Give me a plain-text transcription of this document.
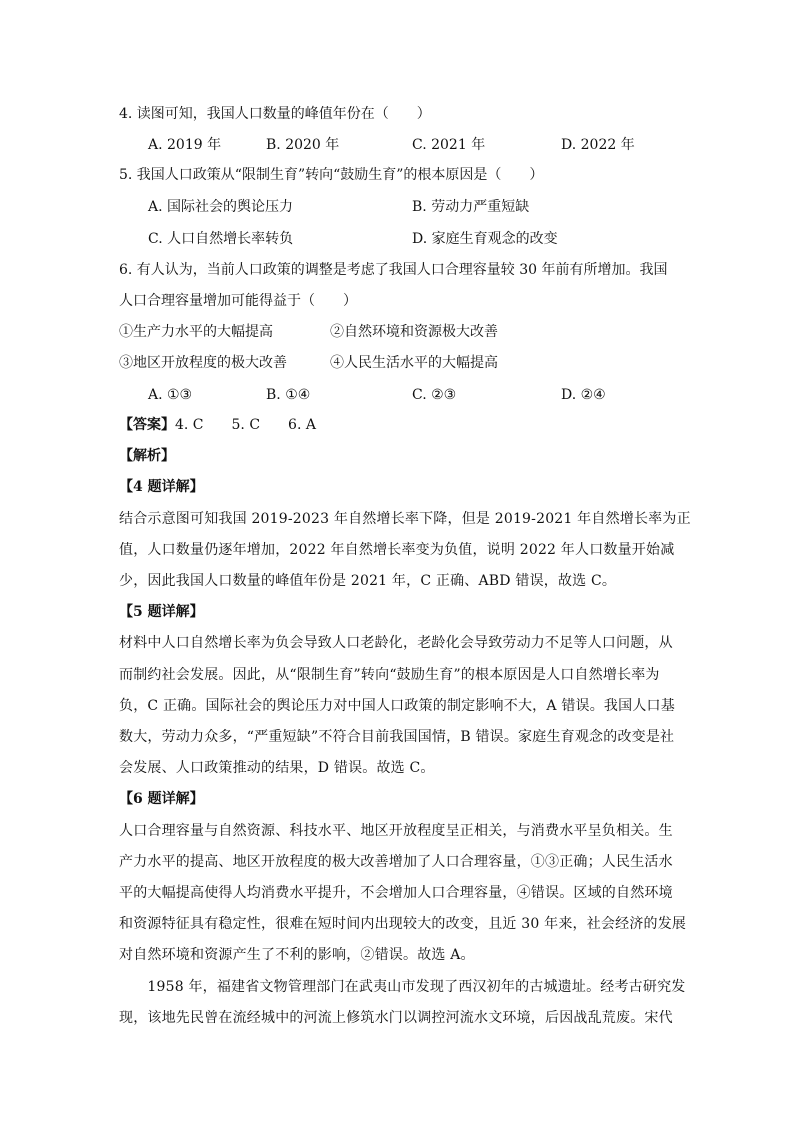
4. 读图可知，我国人口数量的峰值年份在（　　）
A. 2019 年	B. 2020 年	C. 2021 年	D. 2022 年
5. 我国人口政策从“限制生育”转向“鼓励生育”的根本原因是（　　）
A. 国际社会的舆论压力	B. 劳动力严重短缺
C. 人口自然增长率转负	D. 家庭生育观念的改变
6. 有人认为，当前人口政策的调整是考虑了我国人口合理容量较 30 年前有所增加。我国
人口合理容量增加可能得益于（　　）
①生产力水平的大幅提高	②自然环境和资源极大改善
③地区开放程度的极大改善	④人民生活水平的大幅提高
A. ①③	B. ①④	C. ②③	D. ②④
【答案】4. C　　5. C　　6. A
【解析】
【4 题详解】
结合示意图可知我国 2019-2023 年自然增长率下降，但是 2019-2021 年自然增长率为正
值，人口数量仍逐年增加，2022 年自然增长率变为负值，说明 2022 年人口数量开始减
少，因此我国人口数量的峰值年份是 2021 年，C 正确、ABD 错误，故选 C。
【5 题详解】
材料中人口自然增长率为负会导致人口老龄化，老龄化会导致劳动力不足等人口问题，从
而制约社会发展。因此，从“限制生育”转向“鼓励生育”的根本原因是人口自然增长率为
负，C 正确。国际社会的舆论压力对中国人口政策的制定影响不大，A 错误。我国人口基
数大，劳动力众多，“严重短缺”不符合目前我国国情，B 错误。家庭生育观念的改变是社
会发展、人口政策推动的结果，D 错误。故选 C。
【6 题详解】
人口合理容量与自然资源、科技水平、地区开放程度呈正相关，与消费水平呈负相关。生
产力水平的提高、地区开放程度的极大改善增加了人口合理容量，①③正确；人民生活水
平的大幅提高使得人均消费水平提升，不会增加人口合理容量，④错误。区域的自然环境
和资源特征具有稳定性，很难在短时间内出现较大的改变，且近 30 年来，社会经济的发展
对自然环境和资源产生了不利的影响，②错误。故选 A。
　　1958 年，福建省文物管理部门在武夷山市发现了西汉初年的古城遗址。经考古研究发
现，该地先民曾在流经城中的河流上修筑水门以调控河流水文环境，后因战乱荒废。宋代
